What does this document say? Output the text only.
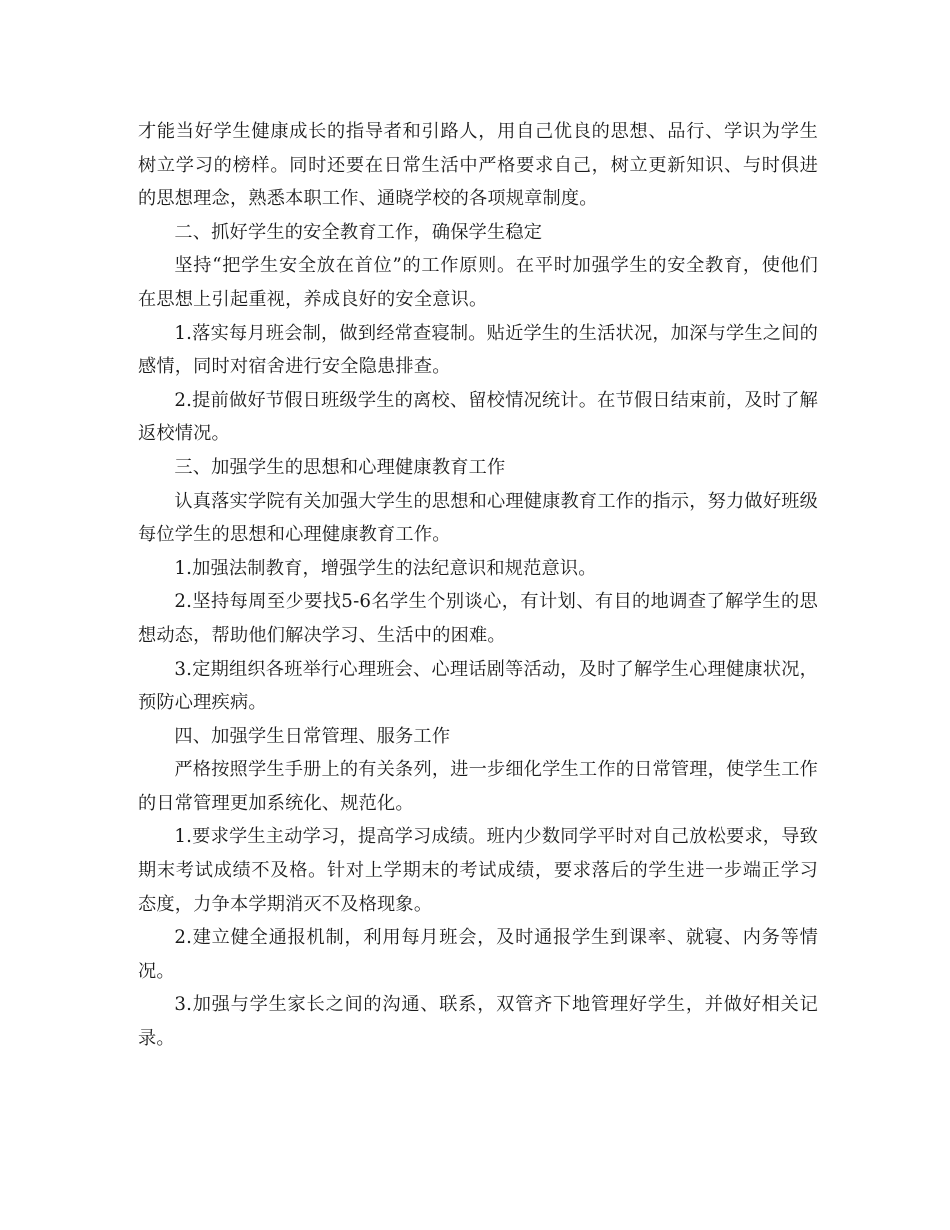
才能当好学生健康成长的指导者和引路人，用自己优良的思想、品行、学识为学生树立学习的榜样。同时还要在日常生活中严格要求自己，树立更新知识、与时俱进的思想理念，熟悉本职工作、通晓学校的各项规章制度。

二、抓好学生的安全教育工作，确保学生稳定

坚持“把学生安全放在首位”的工作原则。在平时加强学生的安全教育，使他们在思想上引起重视，养成良好的安全意识。

1.落实每月班会制，做到经常查寝制。贴近学生的生活状况，加深与学生之间的感情，同时对宿舍进行安全隐患排查。

2.提前做好节假日班级学生的离校、留校情况统计。在节假日结束前，及时了解返校情况。

三、加强学生的思想和心理健康教育工作

认真落实学院有关加强大学生的思想和心理健康教育工作的指示，努力做好班级每位学生的思想和心理健康教育工作。

1.加强法制教育，增强学生的法纪意识和规范意识。

2.坚持每周至少要找5-6名学生个别谈心，有计划、有目的地调查了解学生的思想动态，帮助他们解决学习、生活中的困难。

3.定期组织各班举行心理班会、心理话剧等活动，及时了解学生心理健康状况，预防心理疾病。

四、加强学生日常管理、服务工作

严格按照学生手册上的有关条列，进一步细化学生工作的日常管理，使学生工作的日常管理更加系统化、规范化。

1.要求学生主动学习，提高学习成绩。班内少数同学平时对自己放松要求，导致期末考试成绩不及格。针对上学期末的考试成绩，要求落后的学生进一步端正学习态度，力争本学期消灭不及格现象。

2.建立健全通报机制，利用每月班会，及时通报学生到课率、就寝、内务等情况。

3.加强与学生家长之间的沟通、联系，双管齐下地管理好学生，并做好相关记录。
